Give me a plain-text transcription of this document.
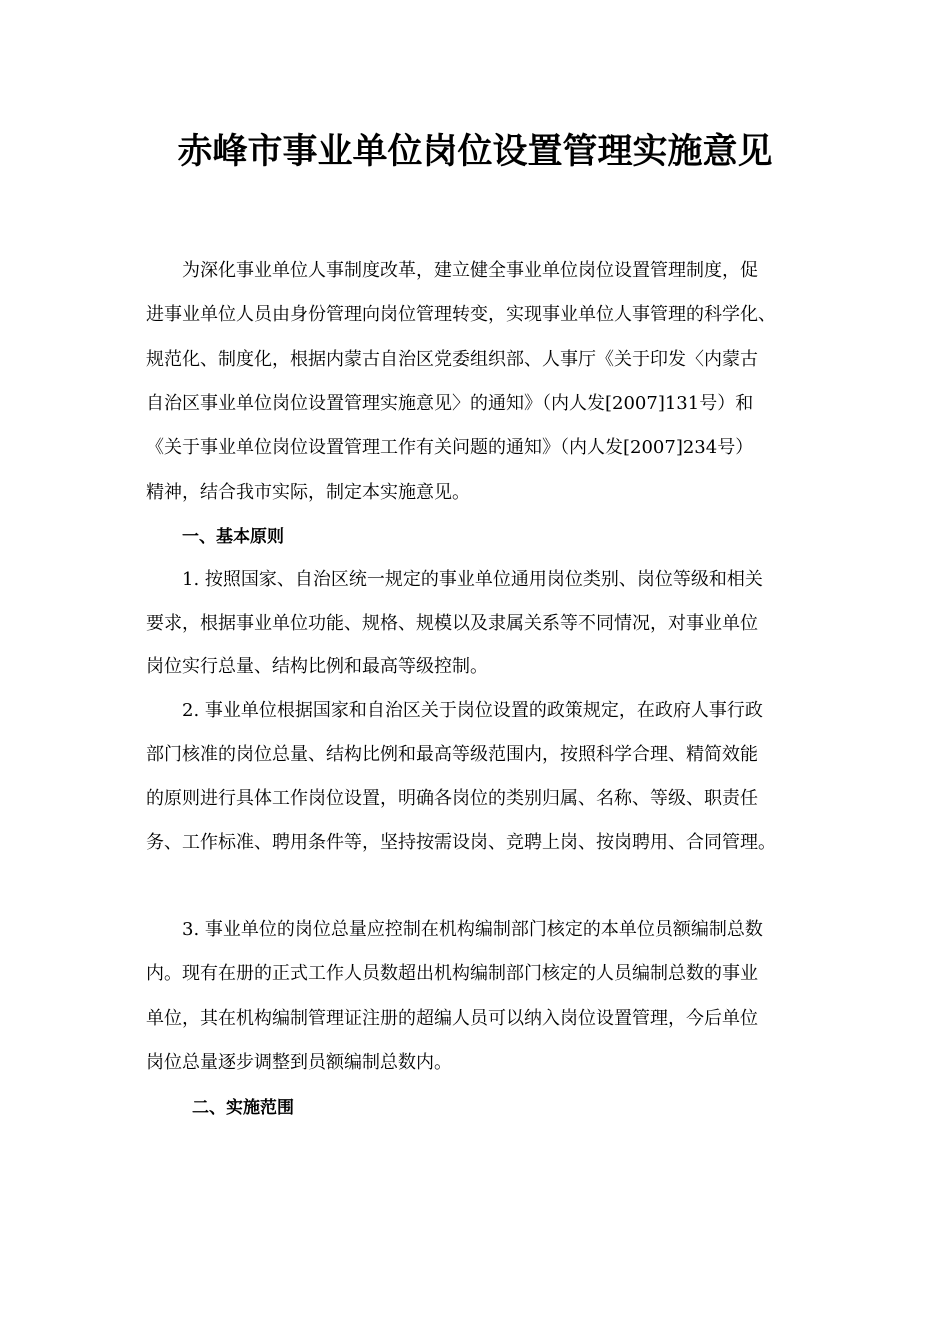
赤峰市事业单位岗位设置管理实施意见
为深化事业单位人事制度改革，建立健全事业单位岗位设置管理制度，促
进事业单位人员由身份管理向岗位管理转变，实现事业单位人事管理的科学化、
规范化、制度化，根据内蒙古自治区党委组织部、人事厅《关于印发〈内蒙古
自治区事业单位岗位设置管理实施意见〉的通知》（内人发[2007]131号）和
《关于事业单位岗位设置管理工作有关问题的通知》（内人发[2007]234号）
精神，结合我市实际，制定本实施意见。
一、基本原则
1. 按照国家、自治区统一规定的事业单位通用岗位类别、岗位等级和相关
要求，根据事业单位功能、规格、规模以及隶属关系等不同情况，对事业单位
岗位实行总量、结构比例和最高等级控制。
2. 事业单位根据国家和自治区关于岗位设置的政策规定，在政府人事行政
部门核准的岗位总量、结构比例和最高等级范围内，按照科学合理、精简效能
的原则进行具体工作岗位设置，明确各岗位的类别归属、名称、等级、职责任
务、工作标准、聘用条件等，坚持按需设岗、竞聘上岗、按岗聘用、合同管理。
3. 事业单位的岗位总量应控制在机构编制部门核定的本单位员额编制总数
内。现有在册的正式工作人员数超出机构编制部门核定的人员编制总数的事业
单位，其在机构编制管理证注册的超编人员可以纳入岗位设置管理，今后单位
岗位总量逐步调整到员额编制总数内。
二、实施范围
